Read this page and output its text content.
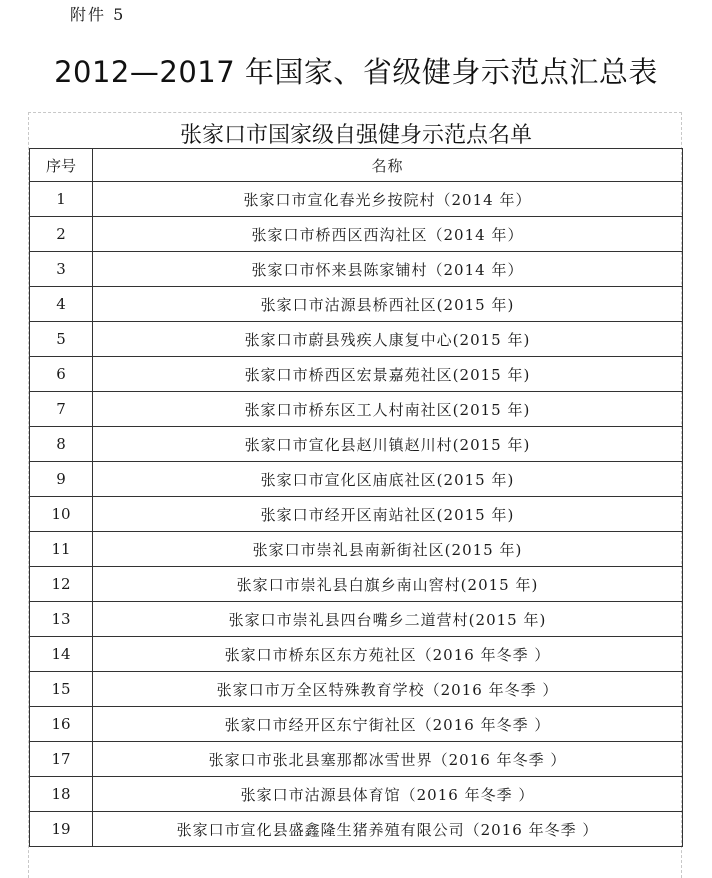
附件 5
2012—2017 年国家、省级健身示范点汇总表
张家口市国家级自强健身示范点名单
序号	名称
1	张家口市宣化春光乡按院村（2014 年）
2	张家口市桥西区西沟社区（2014 年）
3	张家口市怀来县陈家铺村（2014 年）
4	张家口市沽源县桥西社区(2015 年)
5	张家口市蔚县残疾人康复中心(2015 年)
6	张家口市桥西区宏景嘉苑社区(2015 年)
7	张家口市桥东区工人村南社区(2015 年)
8	张家口市宣化县赵川镇赵川村(2015 年)
9	张家口市宣化区庙底社区(2015 年)
10	张家口市经开区南站社区(2015 年)
11	张家口市崇礼县南新街社区(2015 年)
12	张家口市崇礼县白旗乡南山窖村(2015 年)
13	张家口市崇礼县四台嘴乡二道营村(2015 年)
14	张家口市桥东区东方苑社区（2016 年冬季 ）
15	张家口市万全区特殊教育学校（2016 年冬季 ）
16	张家口市经开区东宁街社区（2016 年冬季 ）
17	张家口市张北县塞那都冰雪世界（2016 年冬季 ）
18	张家口市沽源县体育馆（2016 年冬季 ）
19	张家口市宣化县盛鑫隆生猪养殖有限公司（2016 年冬季 ）
